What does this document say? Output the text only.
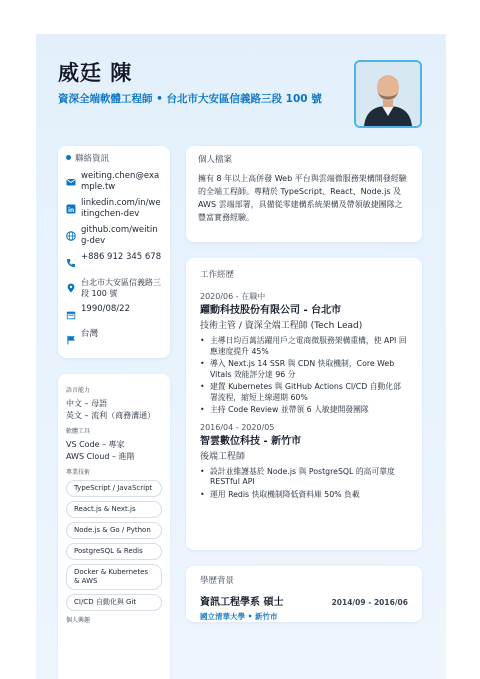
威廷 陳
資深全端軟體工程師 • 台北市大安區信義路三段 100 號
聯絡資訊
weiting.chen@example.tw
in
linkedin.com/in/weitingchen-dev
github.com/weiting-dev
+886 912 345 678
台北市大安區信義路三段 100 號
1990/08/22
台灣
語言能力
中文 – 母語
英文 – 流利（商務溝通）
軟體工具
VS Code – 專家
AWS Cloud – 進階
專業技術
TypeScript / JavaScript
React.js & Next.js
Node.js & Go / Python
PostgreSQL & Redis
Docker & Kubernetes & AWS
CI/CD 自動化與 Git
個人興趣
個人檔案
擁有 8 年以上高併發 Web 平台與雲端微服務架構開發經驗的全端工程師。專精於 TypeScript、React、Node.js 及 AWS 雲端部署，具備從零建構系統架構及帶領敏捷團隊之豐富實務經驗。
工作經歷
2020/06 - 在職中
躍動科技股份有限公司 - 台北市
技術主管 / 資深全端工程師 (Tech Lead)
• 主導日均百萬活躍用戶之電商微服務架構重構，使 API 回應速度提升 45%
• 導入 Next.js 14 SSR 與 CDN 快取機制，Core Web Vitals 效能評分達 96 分
• 建置 Kubernetes 與 GitHub Actions CI/CD 自動化部署流程，縮短上線週期 60%
• 主持 Code Review 並帶領 6 人敏捷開發團隊
2016/04 - 2020/05
智雲數位科技 - 新竹市
後端工程師
• 設計並維護基於 Node.js 與 PostgreSQL 的高可靠度 RESTful API
• 運用 Redis 快取機制降低資料庫 50% 負載
學歷背景
資訊工程學系 碩士	2014/09 - 2016/06
國立清華大學 • 新竹市
